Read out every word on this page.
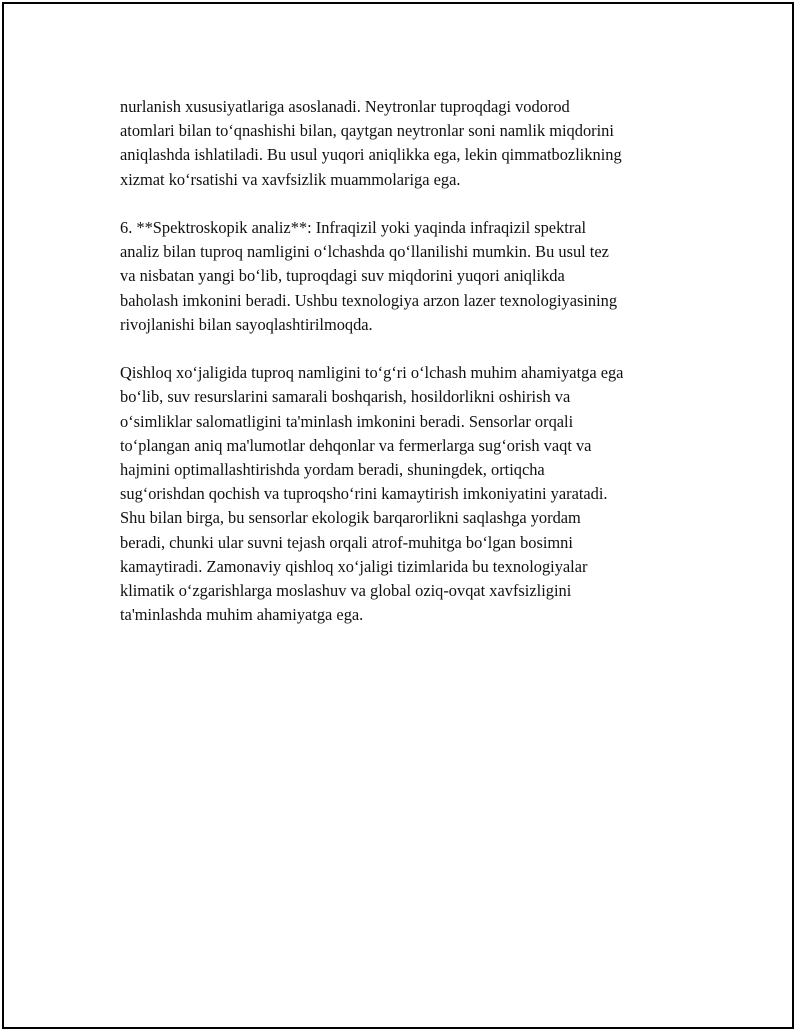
nurlanish xususiyatlariga asoslanadi. Neytronlar tuproqdagi vodorod
atomlari bilan to‘qnashishi bilan, qaytgan neytronlar soni namlik miqdorini
aniqlashda ishlatiladi. Bu usul yuqori aniqlikka ega, lekin qimmatbozlikning
xizmat ko‘rsatishi va xavfsizlik muammolariga ega.

6. **Spektroskopik analiz**: Infraqizil yoki yaqinda infraqizil spektral
analiz bilan tuproq namligini o‘lchashda qo‘llanilishi mumkin. Bu usul tez
va nisbatan yangi bo‘lib, tuproqdagi suv miqdorini yuqori aniqlikda
baholash imkonini beradi. Ushbu texnologiya arzon lazer texnologiyasining
rivojlanishi bilan sayoqlashtirilmoqda.

Qishloq xo‘jaligida tuproq namligini to‘g‘ri o‘lchash muhim ahamiyatga ega
bo‘lib, suv resurslarini samarali boshqarish, hosildorlikni oshirish va
o‘simliklar salomatligini ta'minlash imkonini beradi. Sensorlar orqali
to‘plangan aniq ma'lumotlar dehqonlar va fermerlarga sug‘orish vaqt va
hajmini optimallashtirishda yordam beradi, shuningdek, ortiqcha
sug‘orishdan qochish va tuproqsho‘rini kamaytirish imkoniyatini yaratadi.
Shu bilan birga, bu sensorlar ekologik barqarorlikni saqlashga yordam
beradi, chunki ular suvni tejash orqali atrof-muhitga bo‘lgan bosimni
kamaytiradi. Zamonaviy qishloq xo‘jaligi tizimlarida bu texnologiyalar
klimatik o‘zgarishlarga moslashuv va global oziq-ovqat xavfsizligini
ta'minlashda muhim ahamiyatga ega.
